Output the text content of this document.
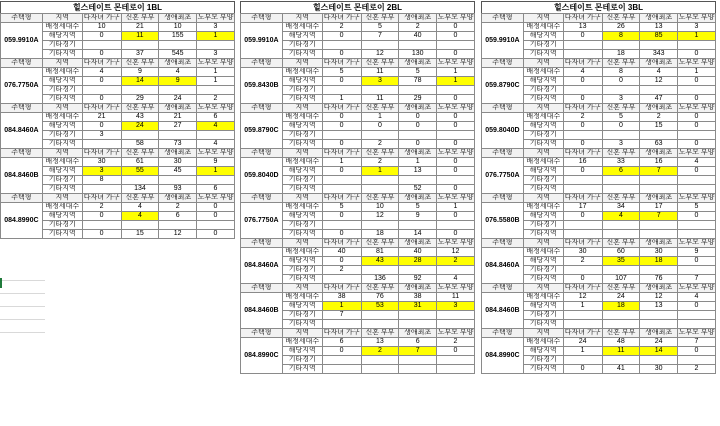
힐스테이트 몬테로이 1BL
주택형	지역	다자녀 가구	신혼 부부	생애최초	노부모 부양
059.9910A	배정세대수	10	21	10	3
	해당지역	0	11	155	1
	기타경기				
	기타지역	0	37	545	3
주택형	지역	다자녀 가구	신혼 부부	생애최초	노부모 부양
076.7750A	배정세대수	4	9	4	1
	해당지역	0	14	9	1
	기타경기				
	기타지역	0	29	24	2
주택형	지역	다자녀 가구	신혼 부부	생애최초	노부모 부양
084.8460A	배정세대수	21	43	21	6
	해당지역	0	24	27	4
	기타경기	3			
	기타지역		58	73	4
주택형	지역	다자녀 가구	신혼 부부	생애최초	노부모 부양
084.8460B	배정세대수	30	61	30	9
	해당지역	3	55	45	1
	기타경기	8			
	기타지역		134	93	6
주택형	지역	다자녀 가구	신혼 부부	생애최초	노부모 부양
084.8990C	배정세대수	2	4	2	0
	해당지역	0	4	6	0
	기타경기				
	기타지역	0	15	12	0
힐스테이트 몬테로이 2BL
주택형	지역	다자녀 가구	신혼 부부	생애최초	노부모 부양
059.9910A	배정세대수	2	5	2	0
	해당지역	0	7	40	0
	기타경기				
	기타지역	0	12	130	0
주택형	지역	다자녀 가구	신혼 부부	생애최초	노부모 부양
059.8430B	배정세대수	5	11	5	1
	해당지역	0	3	78	1
	기타경기				
	기타지역	1	11	29	0
주택형	지역	다자녀 가구	신혼 부부	생애최초	노부모 부양
059.8790C	배정세대수	0	1	0	0
	해당지역	0	0	0	0
	기타경기				
	기타지역	0	2	0	0
주택형	지역	다자녀 가구	신혼 부부	생애최초	노부모 부양
059.8040D	배정세대수	1	2	1	0
	해당지역	0	1	13	0
	기타경기				
	기타지역			52	0
주택형	지역	다자녀 가구	신혼 부부	생애최초	노부모 부양
076.7750A	배정세대수	5	10	5	1
	해당지역	0	12	9	0
	기타경기				
	기타지역	0	18	14	0
주택형	지역	다자녀 가구	신혼 부부	생애최초	노부모 부양
084.8460A	배정세대수	40	81	40	12
	해당지역	0	43	28	2
	기타경기	2			
	기타지역		136	92	4
주택형	지역	다자녀 가구	신혼 부부	생애최초	노부모 부양
084.8460B	배정세대수	38	76	38	11
	해당지역	1	53	31	3
	기타경기	7			
	기타지역				
주택형	지역	다자녀 가구	신혼 부부	생애최초	노부모 부양
084.8990C	배정세대수	6	13	6	2
	해당지역	0	2	7	0
	기타경기				
	기타지역				
힐스테이트 몬테로이 3BL
주택형	지역	다자녀 가구	신혼 부부	생애최초	노부모 부양
059.9910A	배정세대수	13	26	13	3
	해당지역	0	8	85	1
	기타경기				
	기타지역		18	343	0
주택형	지역	다자녀 가구	신혼 부부	생애최초	노부모 부양
059.8790C	배정세대수	4	8	4	1
	해당지역	0	0	12	0
	기타경기				
	기타지역	0	3	47	0
주택형	지역	다자녀 가구	신혼 부부	생애최초	노부모 부양
059.8040D	배정세대수	2	5	2	0
	해당지역	0	0	15	0
	기타경기				
	기타지역	0	3	63	0
주택형	지역	다자녀 가구	신혼 부부	생애최초	노부모 부양
076.7750A	배정세대수	16	33	16	4
	해당지역	0	6	7	0
	기타경기				
	기타지역				
주택형	지역	다자녀 가구	신혼 부부	생애최초	노부모 부양
076.5580B	배정세대수	17	34	17	5
	해당지역	0	4	7	0
	기타경기				
	기타지역				
주택형	지역	다자녀 가구	신혼 부부	생애최초	노부모 부양
084.8460A	배정세대수	30	60	30	9
	해당지역	2	35	18	0
	기타경기				
	기타지역	0	107	76	7
주택형	지역	다자녀 가구	신혼 부부	생애최초	노부모 부양
084.8460B	배정세대수	12	24	12	4
	해당지역	1	18	13	0
	기타경기				
	기타지역				
주택형	지역	다자녀 가구	신혼 부부	생애최초	노부모 부양
084.8990C	배정세대수	24	48	24	7
	해당지역	1	11	14	0
	기타경기				
	기타지역	0	41	30	2
